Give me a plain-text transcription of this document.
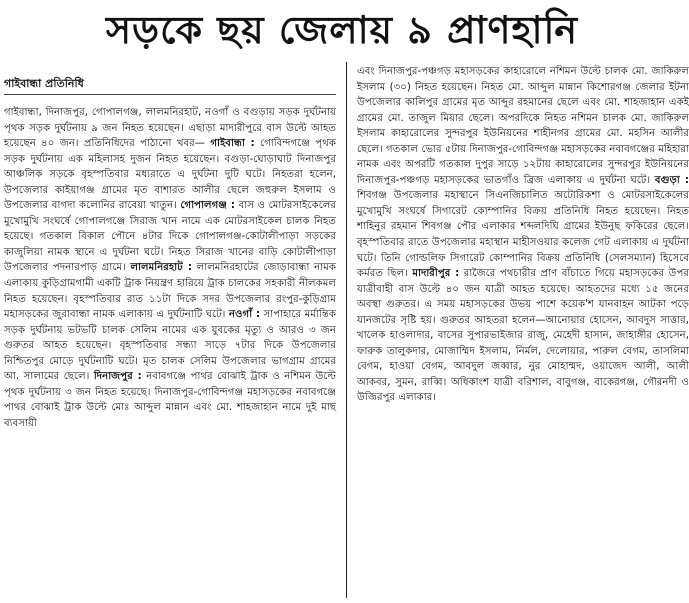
সড়কে ছয় জেলায় ৯ প্রাণহানি
গাইবান্ধা প্রতিনিধি

গাইবান্ধা, দিনাজপুর, গোপালগঞ্জ, লালমনিরহাট, নওগাঁ ও বগুড়ায় সড়ক দুর্ঘটনায় পৃথক সড়ক দুর্ঘটনায় ৯ জন নিহত হয়েছেন। এছাড়া মাদারীপুরে বাস উল্টে আহত হয়েছেন ৪০ জন। প্রতিনিধিদের পাঠানো খবর— গাইবান্ধা : গোবিন্দগঞ্জে পৃথক সড়ক দুর্ঘটনায় এক মহিলাসহ দুজন নিহত হয়েছেন। বগুড়া-ঘোড়াঘাট দিনাজপুর আঞ্চলিক সড়কে বৃহস্পতিবার মধ্যরাতে এ দুর্ঘটনা দুটি ঘটে। নিহতরা হলেন, উপজেলার কাইয়াগঞ্জ গ্রামের মৃত বাশারত আলীর ছেলে জহুরুল ইসলাম ও উপজেলার বাগদা কলোনির রাবেয়া খাতুন। গোপালগঞ্জ : বাস ও মোটরসাইকেলের মুখোমুখি সংঘর্ষে গোপালগঞ্জে সিরাজ খান নামে এক মোটরসাইকেল চালক নিহত হয়েছে। গতকাল বিকাল পৌনে ৪টার দিকে গোপালগঞ্জ-কোটালীপাড়া সড়কের কাজুলিয়া নামক স্থানে এ দুর্ঘটনা ঘটে। নিহত সিরাজ খানের বাড়ি কোটালীপাড়া উপজেলার পদনারপাড় গ্রামে। লালমনিরহাট : লালমনিরহাটের জোড়াবান্ধা নামক এলাকায় কুড়িগ্রামগামী একটি ট্রাক নিয়ন্ত্রণ হারিয়ে ট্রাক চালকের সহকারী নীলকমল নিহত হয়েছেন। বৃহস্পতিবার রাত ১১টা দিকে সদর উপজেলার রংপুর-কুড়িগ্রাম মহাসড়কের জুরাবান্ধা নামক এলাকায় এ দুর্ঘটনাটি ঘটে। নওগাঁ : সাপাহারে মর্মান্তিক সড়ক দুর্ঘটনায় ভটভটি চালক সেলিম নামের এক যুবকের মৃত্যু ও আরও ৩ জন গুরুতর আহত হয়েছেন। বৃহস্পতিবার সন্ধ্যা সাড়ে ৭টার দিকে উপজেলার নিশ্চিতপুর মোড়ে দুর্ঘটনাটি ঘটে। মৃত চালক সেলিম উপজেলার ভাগগ্রাম গ্রামের আ. সালামের ছেলে। দিনাজপুর : নবাবগঞ্জে পাথর বোঝাই ট্রাক ও নশিমন উল্টে পৃথক দুর্ঘটনায় ৩ জন নিহত হয়েছে। দিনাজপুর-গোবিন্দগঞ্জ মহাসড়কের নবাবগঞ্জে পাথর বোঝাই ট্রাক উল্টে মোঃ আব্দুল মান্নান এবং মো. শাহজাহান নামে দুই মাছ ব্যবসায়ী

এবং দিনাজপুর-পঞ্চগড় মহাসড়কের কাহারোলে নশিমন উল্টে চালক মো. জাকিরুল ইসলাম (৩০) নিহত হয়েছেন। নিহত মো. আব্দুল মান্নান কিশোরগঞ্জ জেলার ইটনা উপজেলার কালিপুর গ্রামের মৃত আব্দুর রহমানের ছেলে এবং মো. শাহজাহান একই গ্রামের মো. তাজুল মিয়ার ছেলে। অপরদিকে নিহত নশিমন চালক মো. জাকিরুল ইসলাম কাহারোলের সুন্দরপুর ইউনিয়নের শাহীনগর গ্রামের মো. মহসিন আলীর ছেলে। গতকাল ভোর ৫টায় দিনাজপুর-গোবিন্দগঞ্জ মহাসড়কের নবাবগঞ্জের মহিহারা নামক এবং অপরটি গতকাল দুপুর সাড়ে ১২টায় কাহারোলের সুন্দরপুর ইউনিয়নের দিনাজপুর-পঞ্চগড় মহাসড়কের ভাতগাঁও ব্রিজ এলাকায় এ দুর্ঘটনা ঘটে। বগুড়া : শিবগঞ্জ উপজেলার মহাস্থানে সিএনজিচালিত অটোরিকশা ও মোটরসাইকেলের মুখোমুখি সংঘর্ষে সিগারেট কোম্পানির বিক্রয় প্রতিনিধি নিহত হয়েছেন। নিহত শাহিনুর রহমান শিবগঞ্জ পৌর এলাকার শব্দলদিঘি গ্রামের ইউনুছ ফকিরের ছেলে। বৃহস্পতিবার রাতে উপজেলার মহাস্থান মাহীসওয়ার কলেজ গেট এলাকায় এ দুর্ঘটনা ঘটে। তিনি গোল্ডলিফ সিগারেট কোম্পানির বিক্রয় প্রতিনিধি (সেলসম্যান) হিসেবে কর্মরত ছিল। মাদারীপুর : রাজৈরে পথচারীর প্রাণ বাঁচাতে গিয়ে মহাসড়কের উপর যাত্রীবাহী বাস উল্টে ৪০ জন যাত্রী আহত হয়েছে। আহতদের মধ্যে ১৫ জনের অবস্থা গুরুতর। এ সময় মহাসড়কের উভয় পাশে কয়েক'শ যানবাহন আটকা পড়ে যানজটের সৃষ্টি হয়। গুরুতর আহতরা হলেন—আনোয়ার হোসেন, আবদুস সাত্তার, খালেক হাওলাদার, বাসের সুপারভাইজার রাজু, মেহেদী হাসান, জাহাঙ্গীর হোসেন, ফারুক তালুকদার, মোজাম্মিদ ইসলাম, নির্মল, দেলোয়ার, পারুল বেগম, তাসলিমা বেগম, হাওয়া বেগম, আবদুল জব্বার, নুর মোহাম্মদ, ওয়াজেদ আলী, আলী আকবর, সুমন, রাব্বি। অধিকাংশ যাত্রী বরিশাল, বাবুগঞ্জ, বাকেরগঞ্জ, গৌরনদী ও উজিরপুর এলাকার।
